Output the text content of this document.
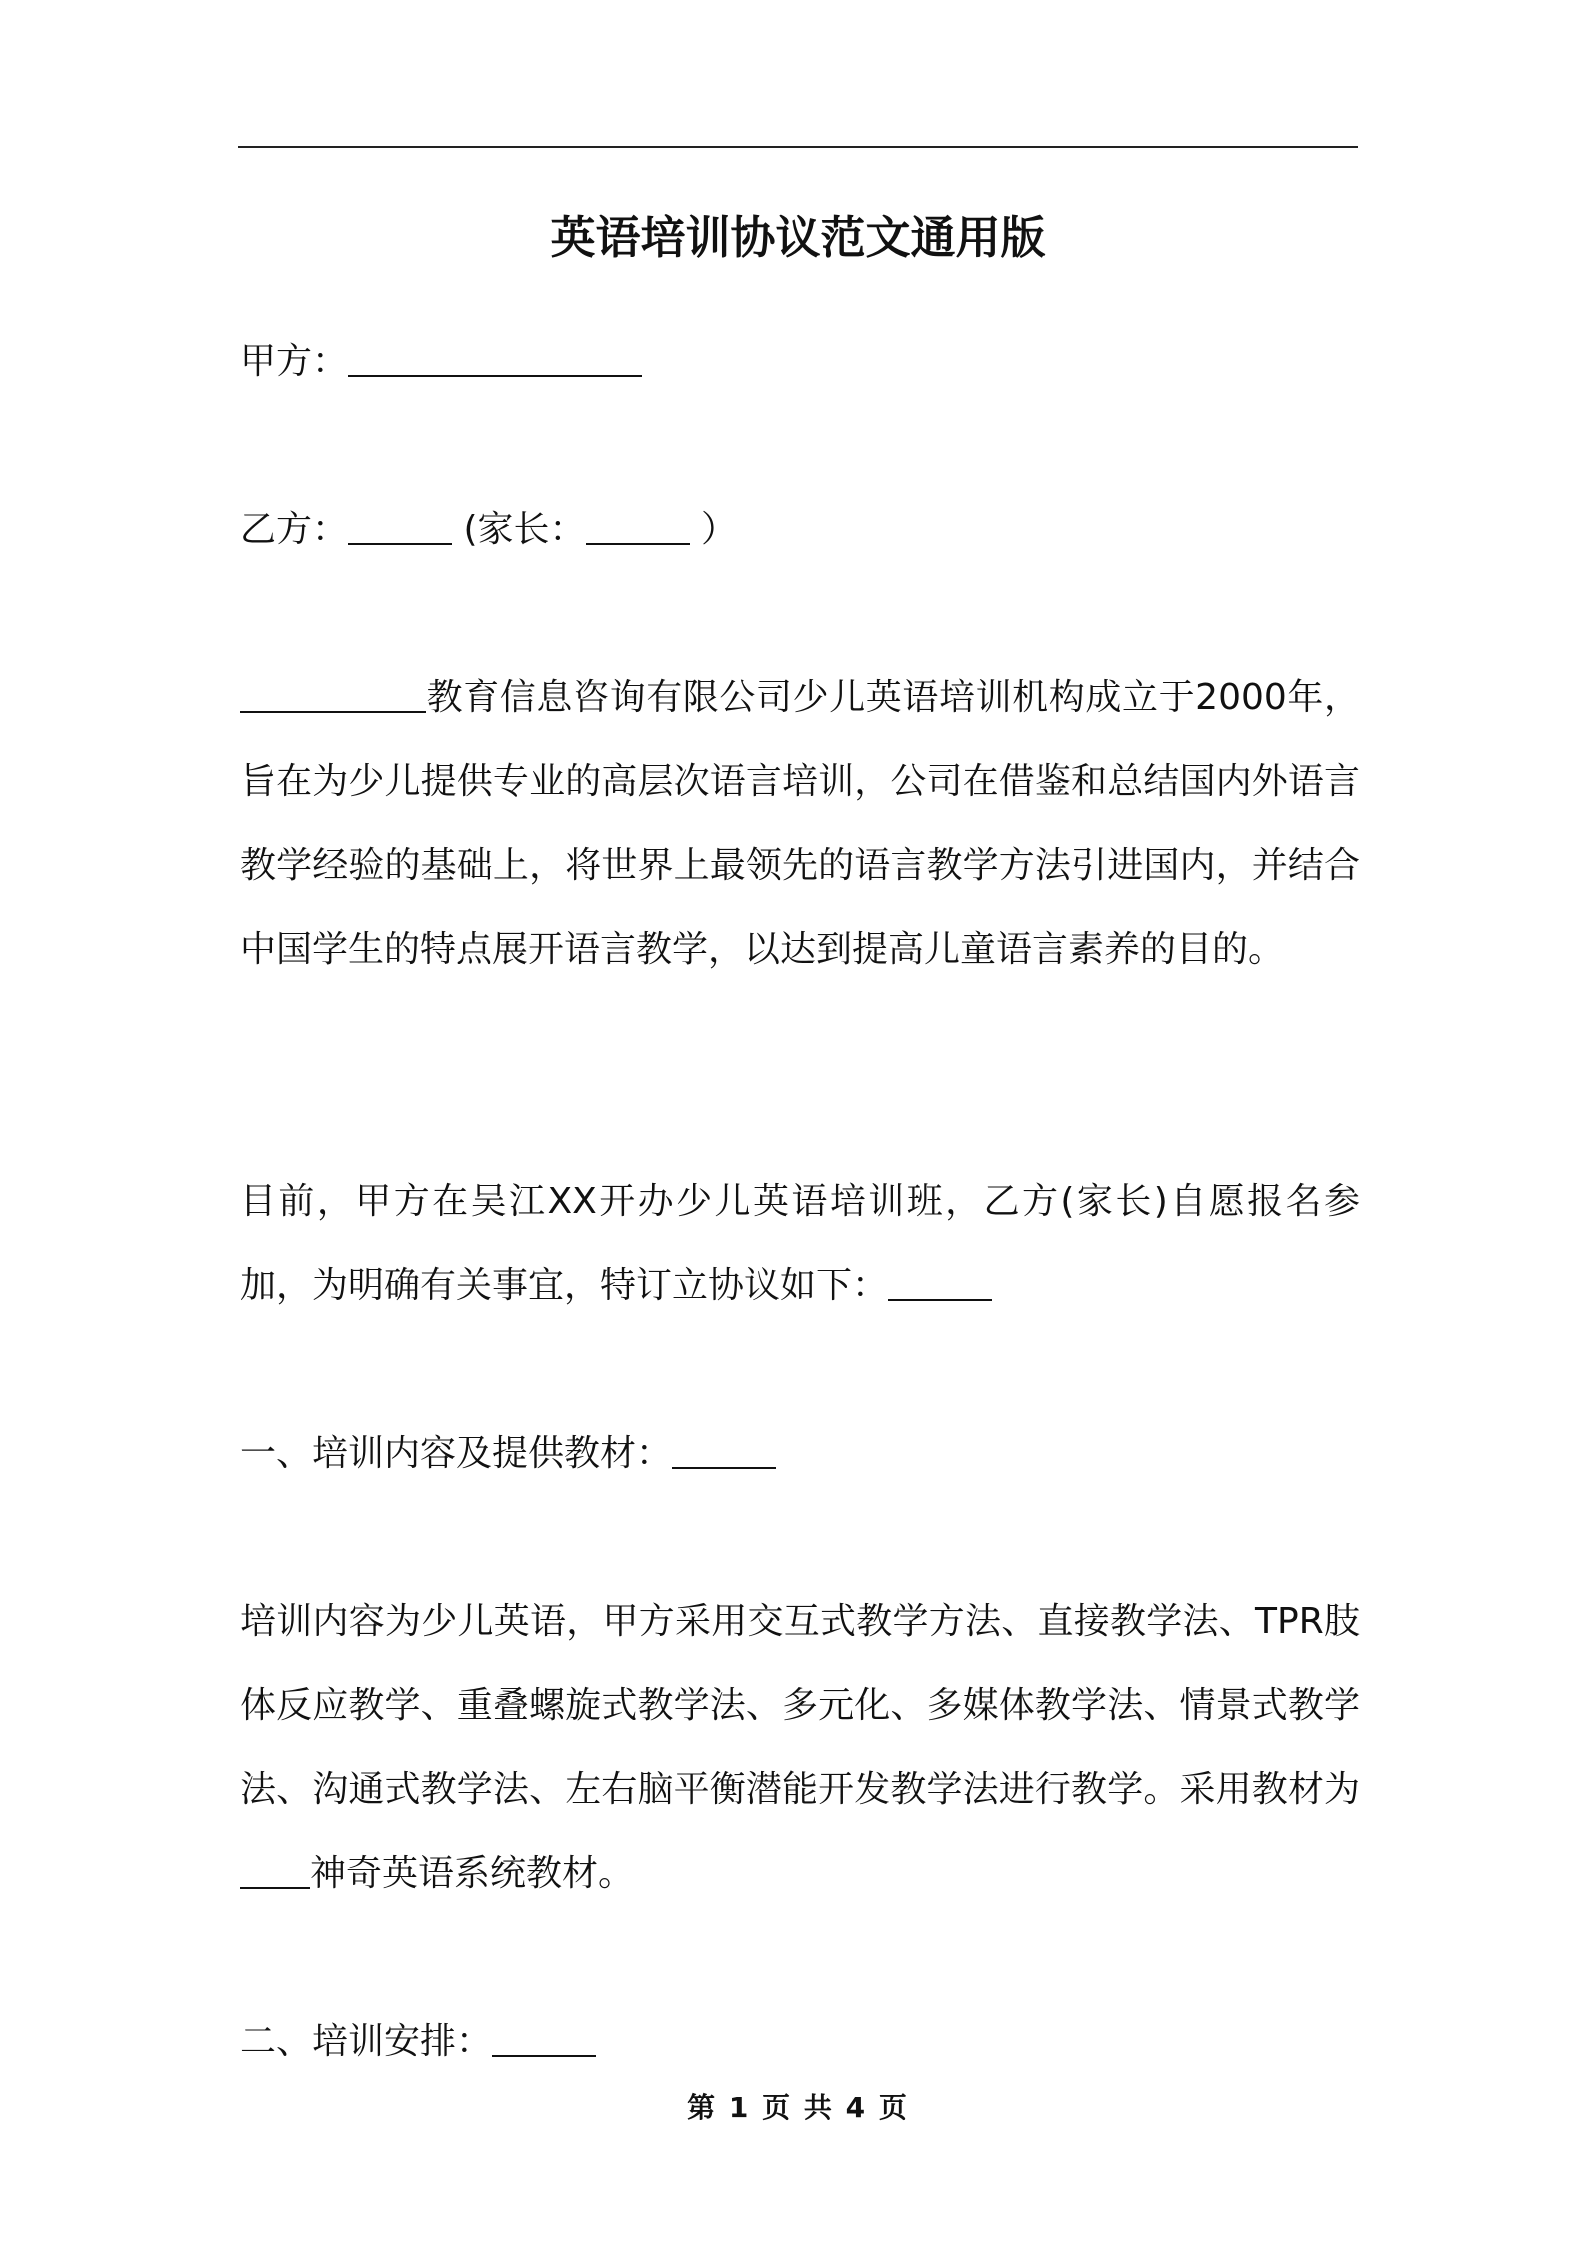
英语培训协议范文通用版
甲方：
乙方：	(家长：	）
教育信息咨询有限公司少儿英语培训机构成立于2000年，旨在为少儿提供专业的高层次语言培训，公司在借鉴和总结国内外语言教学经验的基础上，将世界上最领先的语言教学方法引进国内，并结合中国学生的特点展开语言教学，以达到提高儿童语言素养的目的。
目前，甲方在吴江XX开办少儿英语培训班，乙方(家长)自愿报名参加，为明确有关事宜，特订立协议如下：
一、培训内容及提供教材：
培训内容为少儿英语，甲方采用交互式教学方法、直接教学法、TPR肢体反应教学、重叠螺旋式教学法、多元化、多媒体教学法、情景式教学法、沟通式教学法、左右脑平衡潜能开发教学法进行教学。采用教材为神奇英语系统教材。
二、培训安排：
第 1 页 共 4 页
